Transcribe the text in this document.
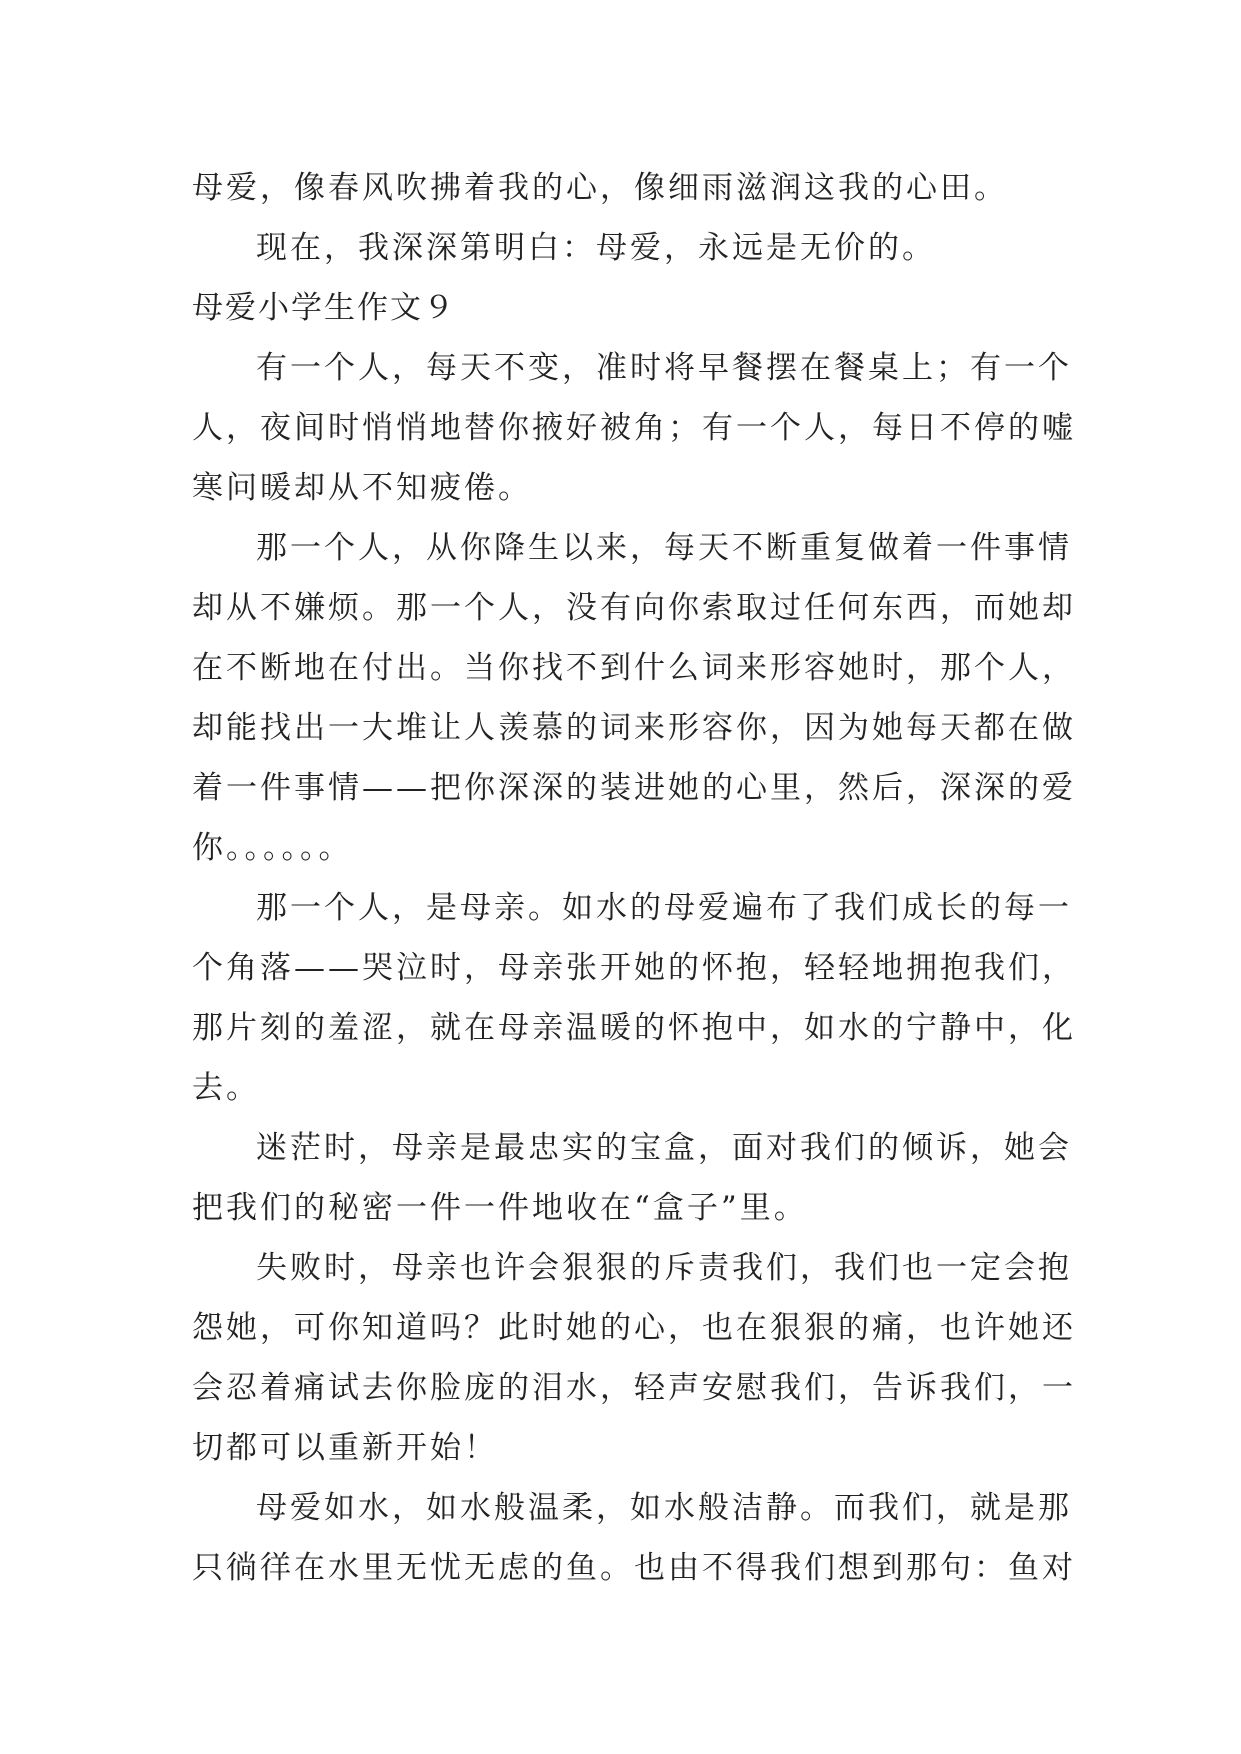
母爱，像春风吹拂着我的心，像细雨滋润这我的心田。
现在，我深深第明白：母爱，永远是无价的。
母爱小学生作文９
有一个人，每天不变，准时将早餐摆在餐桌上；有一个
人，夜间时悄悄地替你掖好被角；有一个人，每日不停的嘘
寒问暖却从不知疲倦。
那一个人，从你降生以来，每天不断重复做着一件事情
却从不嫌烦。那一个人，没有向你索取过任何东西，而她却
在不断地在付出。当你找不到什么词来形容她时，那个人，
却能找出一大堆让人羡慕的词来形容你，因为她每天都在做
着一件事情——把你深深的装进她的心里，然后，深深的爱
你。。。。。。
那一个人，是母亲。如水的母爱遍布了我们成长的每一
个角落——哭泣时，母亲张开她的怀抱，轻轻地拥抱我们，
那片刻的羞涩，就在母亲温暖的怀抱中，如水的宁静中，化
去。
迷茫时，母亲是最忠实的宝盒，面对我们的倾诉，她会
把我们的秘密一件一件地收在“盒子”里。
失败时，母亲也许会狠狠的斥责我们，我们也一定会抱
怨她，可你知道吗？此时她的心，也在狠狠的痛，也许她还
会忍着痛试去你脸庞的泪水，轻声安慰我们，告诉我们，一
切都可以重新开始！
母爱如水，如水般温柔，如水般洁静。而我们，就是那
只徜徉在水里无忧无虑的鱼。也由不得我们想到那句：鱼对
